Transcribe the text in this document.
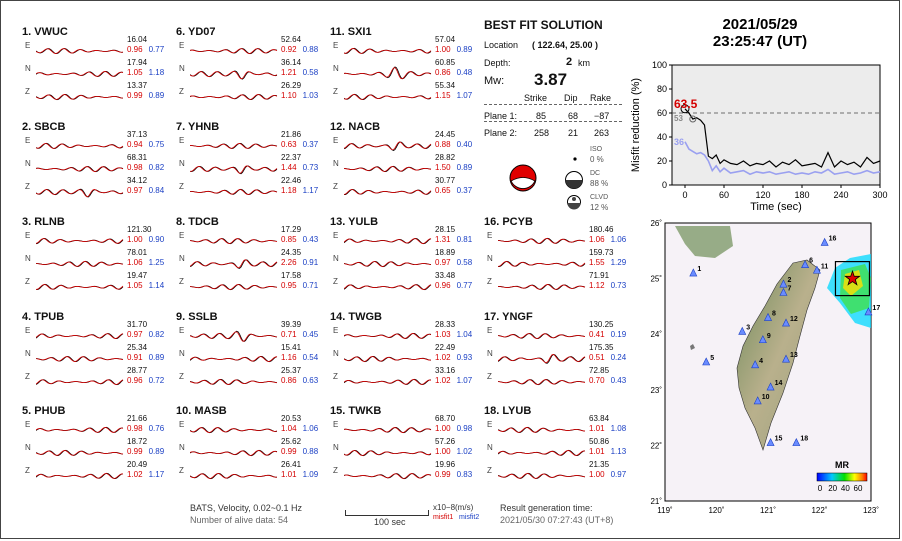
1. VWUC
E
16.04
0.96 0.77
N
17.94
1.05 1.18
Z
13.37
0.99 0.89
2. SBCB
E
37.13
0.94 0.75
N
68.31
0.98 0.82
Z
34.12
0.97 0.84
3. RLNB
E
121.30
1.00 0.90
N
78.01
1.06 1.25
Z
19.47
1.05 1.14
4. TPUB
E
31.70
0.97 0.82
N
25.34
0.91 0.89
Z
28.77
0.96 0.72
5. PHUB
E
21.66
0.98 0.76
N
18.72
0.99 0.89
Z
20.49
1.02 1.17
6. YD07
E
52.64
0.92 0.88
N
36.14
1.21 0.58
Z
26.29
1.10 1.03
7. YHNB
E
21.86
0.63 0.37
N
22.37
1.44 0.73
Z
22.46
1.18 1.17
8. TDCB
E
17.29
0.85 0.43
N
24.35
2.26 0.91
Z
17.58
0.95 0.71
9. SSLB
E
39.39
0.71 0.45
N
15.41
1.16 0.54
Z
25.37
0.86 0.63
10. MASB
E
20.53
1.04 1.06
N
25.62
0.99 0.88
Z
26.41
1.01 1.09
11. SXI1
E
57.04
1.00 0.89
N
60.85
0.86 0.48
Z
55.34
1.15 1.07
12. NACB
E
24.45
0.88 0.40
N
28.82
1.50 0.89
Z
30.77
0.65 0.37
13. YULB
E
28.15
1.31 0.81
N
18.89
0.97 0.58
Z
33.48
0.96 0.77
14. TWGB
E
28.33
1.03 1.04
N
22.49
1.02 0.93
Z
33.16
1.02 1.07
15. TWKB
E
68.70
1.00 0.98
N
57.26
1.00 1.02
Z
19.96
0.99 0.83
16. PCYB
E
180.46
1.06 1.06
N
159.73
1.55 1.29
Z
71.91
1.12 0.73
17. YNGF
E
130.25
0.41 0.19
N
175.35
0.51 0.24
Z
72.85
0.70 0.43
18. LYUB
E
63.84
1.01 1.08
N
50.86
1.01 1.13
Z
21.35
1.00 0.97
BEST FIT SOLUTION
Location ( 122.64, 25.00 )
Depth:	2 km
Mw: 3.87
Strike Dip Rake
Plane 1: 85 68 −87
Plane 2: 258 21 263
ISO
0 %
DC
88 %
CLVD
12 %
2021/05/29
23:25:47 (UT)
0	60	120	180	240	300
0
20
40
60
80
100
63.5
53
36
Time (sec)
Misfit reduction (%)
1
2
3
4
5
6
7
8
9
10
11
12
13
14
15
16
17
18
119˚	120˚	121˚	122˚	123˚
21˚
22˚
23˚
24˚
25˚
26˚
MR
0 20 40 60
BATS, Velocity, 0.02~0.1 Hz
Number of alive data: 54	100 sec
x10−8(m/s)
misfit1 misfit2
Result generation time:
2021/05/30 07:27:43 (UT+8)
